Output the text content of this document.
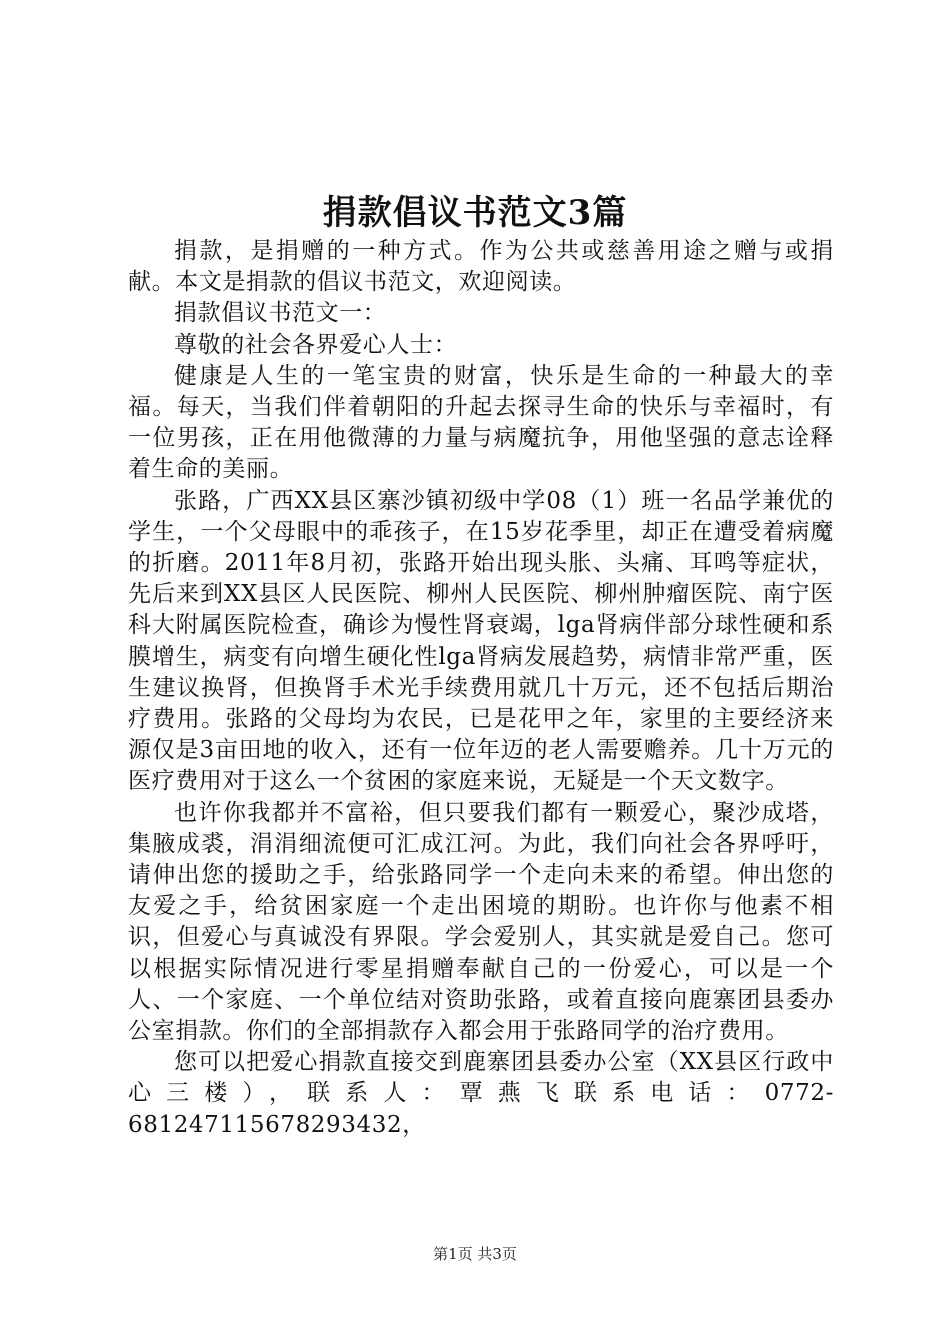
捐款倡议书范文3篇

捐款，是捐赠的一种方式。作为公共或慈善用途之赠与或捐献。本文是捐款的倡议书范文，欢迎阅读。

捐款倡议书范文一：

尊敬的社会各界爱心人士：

健康是人生的一笔宝贵的财富，快乐是生命的一种最大的幸福。每天，当我们伴着朝阳的升起去探寻生命的快乐与幸福时，有一位男孩，正在用他微薄的力量与病魔抗争，用他坚强的意志诠释着生命的美丽。

张路，广西XX县区寨沙镇初级中学08（1）班一名品学兼优的学生，一个父母眼中的乖孩子，在15岁花季里，却正在遭受着病魔的折磨。2011年8月初，张路开始出现头胀、头痛、耳鸣等症状，先后来到XX县区人民医院、柳州人民医院、柳州肿瘤医院、南宁医科大附属医院检查，确诊为慢性肾衰竭，lga肾病伴部分球性硬和系膜增生，病变有向增生硬化性lga肾病发展趋势，病情非常严重，医生建议换肾，但换肾手术光手续费用就几十万元，还不包括后期治疗费用。张路的父母均为农民，已是花甲之年，家里的主要经济来源仅是3亩田地的收入，还有一位年迈的老人需要赡养。几十万元的医疗费用对于这么一个贫困的家庭来说，无疑是一个天文数字。

也许你我都并不富裕，但只要我们都有一颗爱心，聚沙成塔，集腋成裘，涓涓细流便可汇成江河。为此，我们向社会各界呼吁，请伸出您的援助之手，给张路同学一个走向未来的希望。伸出您的友爱之手，给贫困家庭一个走出困境的期盼。也许你与他素不相识，但爱心与真诚没有界限。学会爱别人，其实就是爱自己。您可以根据实际情况进行零星捐赠奉献自己的一份爱心，可以是一个人、一个家庭、一个单位结对资助张路，或着直接向鹿寨团县委办公室捐款。你们的全部捐款存入都会用于张路同学的治疗费用。

您可以把爱心捐款直接交到鹿寨团县委办公室（XX县区行政中心三楼），联系人：覃燕飞联系电话：0772-681247115678293432，

第1页 共3页
